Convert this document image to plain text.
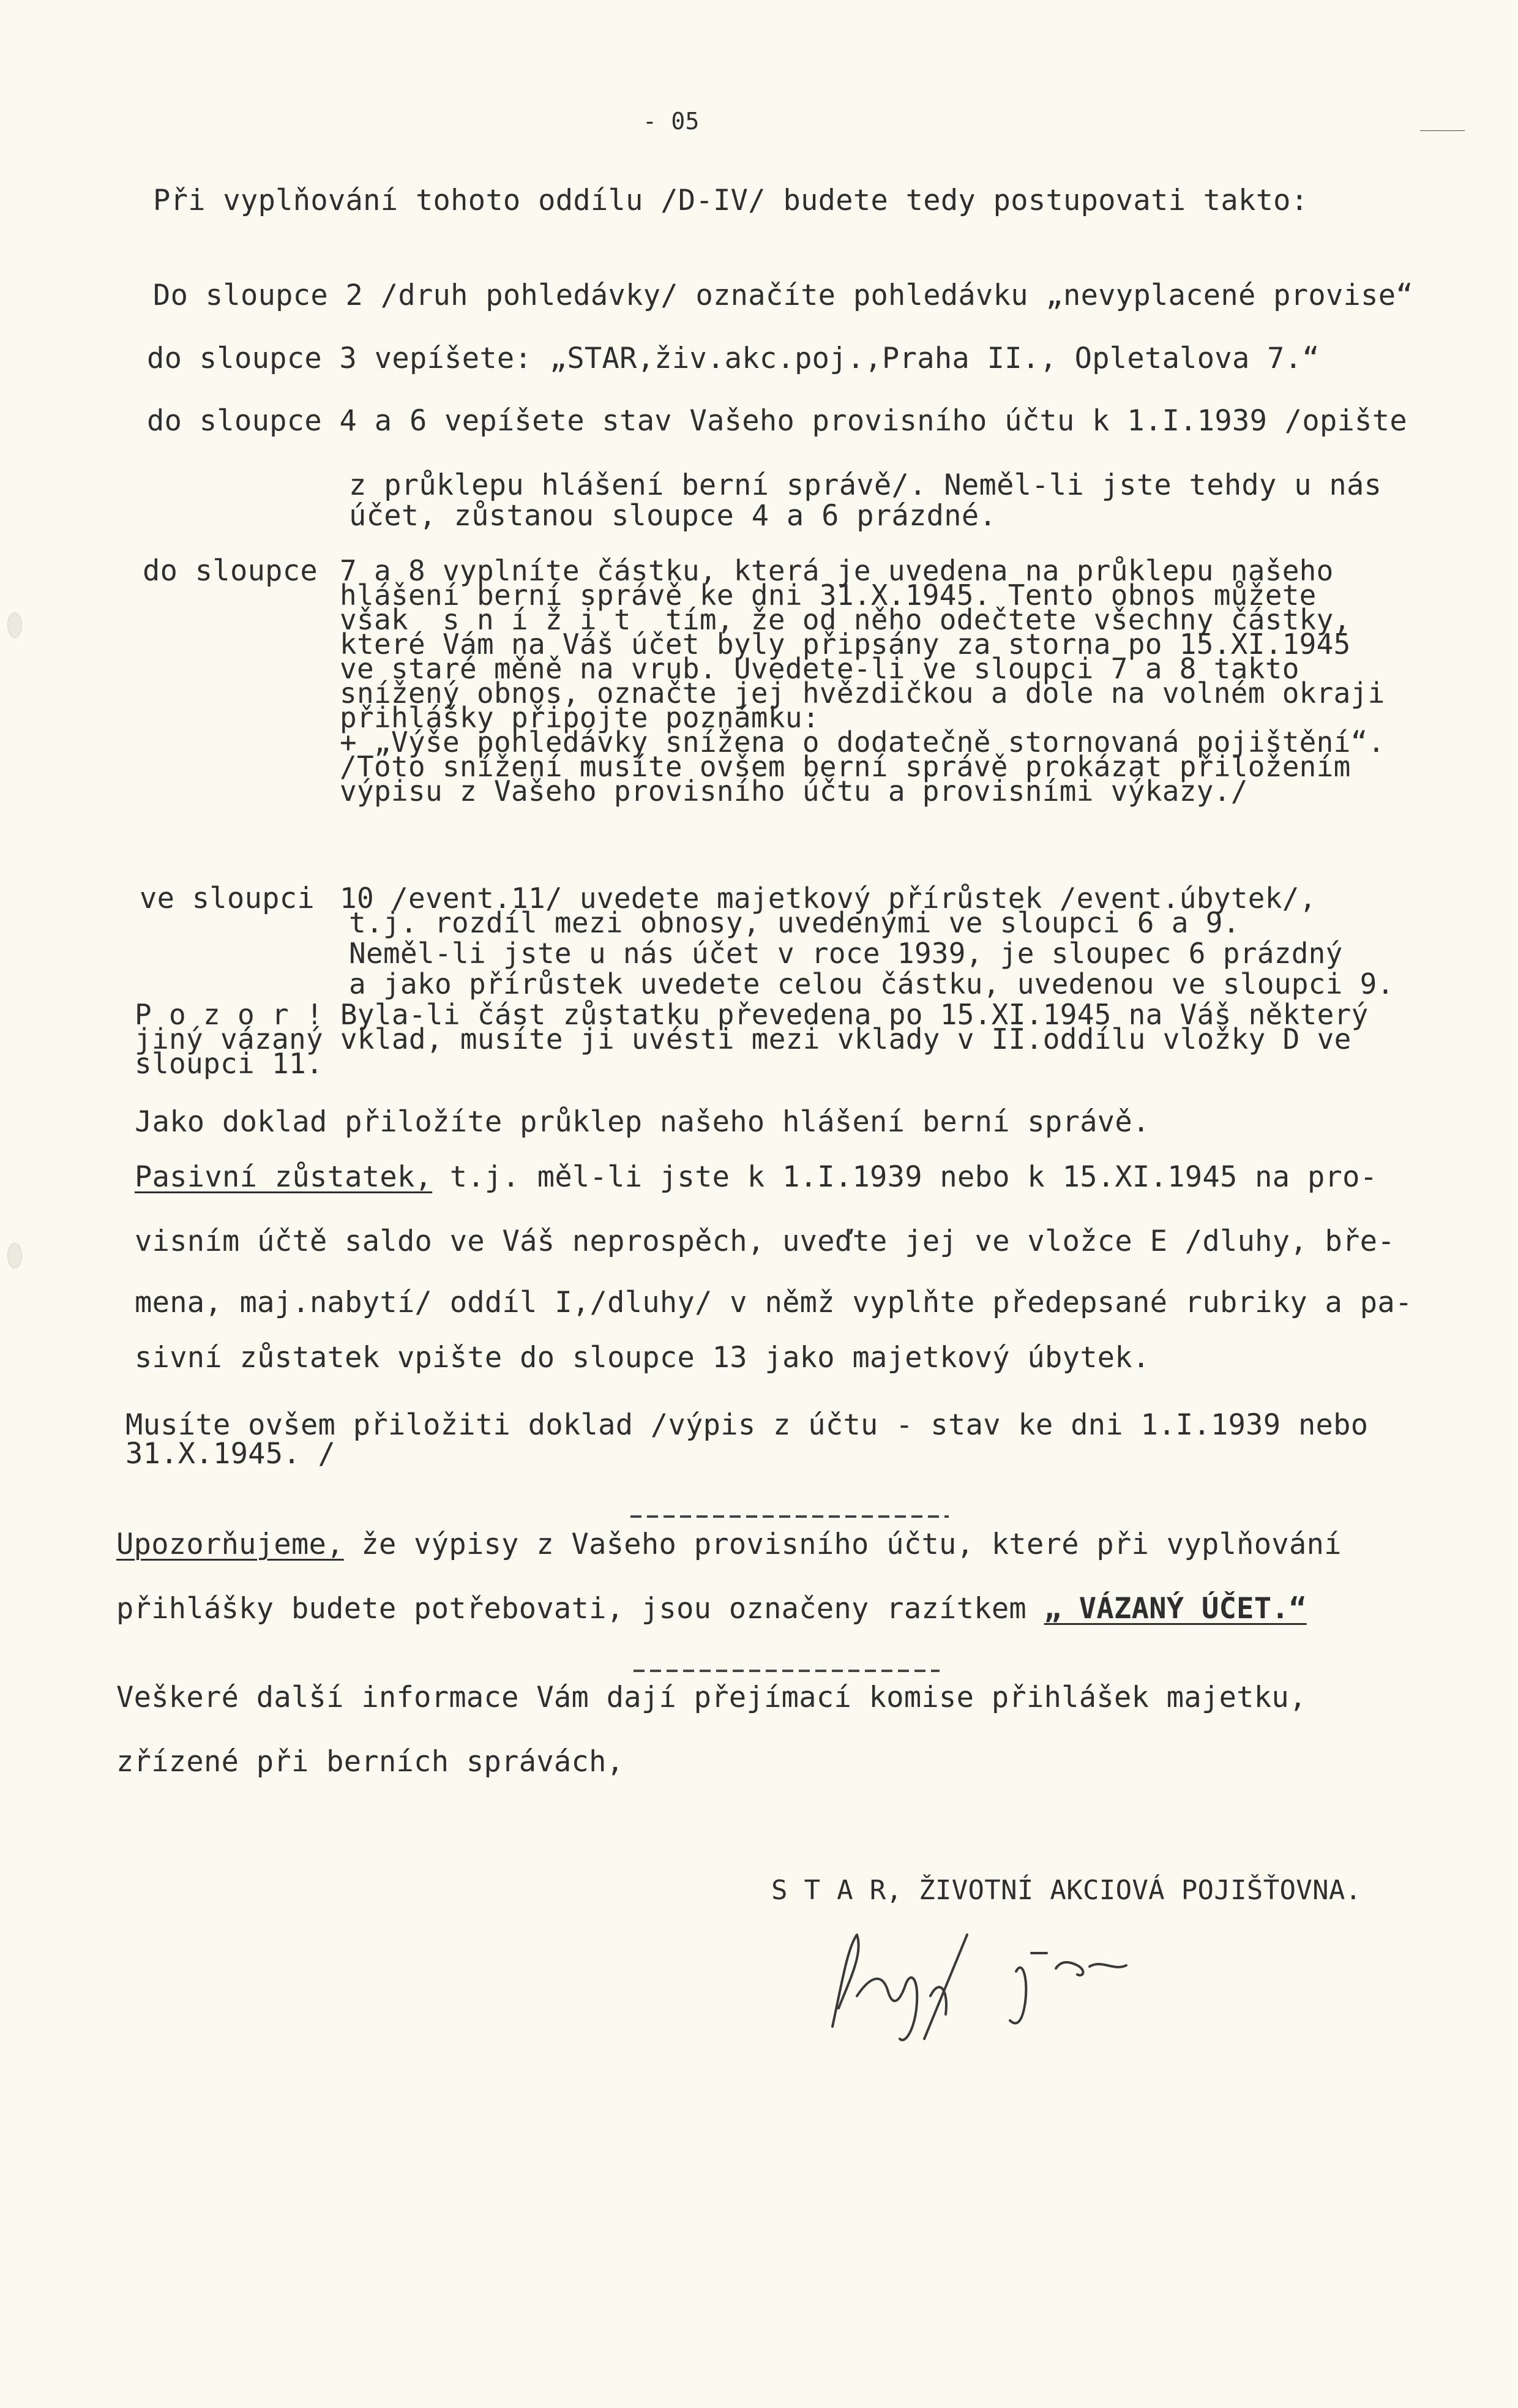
- 05	____
Při vyplňování tohoto oddílu /D-IV/ budete tedy postupovati takto:
Do sloupce 2 /druh pohledávky/ označíte pohledávku „nevyplacené provise“
do sloupce 3 vepíšete: „STAR,živ.akc.poj.,Praha II., Opletalova 7.“
do sloupce 4 a 6 vepíšete stav Vašeho provisního účtu k 1.I.1939 /opište
z průklepu hlášení berní správě/. Neměl-li jste tehdy u nás
účet, zůstanou sloupce 4 a 6 prázdné.
do sloupce 7 a 8 vyplníte částku, která je uvedena na průklepu našeho
hlášení berní správě ke dni 31.X.1945. Tento obnos můžete
však  s n í ž i t  tím, že od něho odečtete všechny částky,
které Vám na Váš účet byly připsány za storna po 15.XI.1945
ve staré měně na vrub. Uvedete-li ve sloupci 7 a 8 takto
snížený obnos, označte jej hvězdičkou a dole na volném okraji
přihlášky připojte poznámku:
+ „Výše pohledávky snížena o dodatečně stornovaná pojištění“.
/Toto snížení musíte ovšem berní správě prokázat přiložením
výpisu z Vašeho provisního účtu a provisními výkazy./
ve sloupci 10 /event.11/ uvedete majetkový přírůstek /event.úbytek/,
t.j. rozdíl mezi obnosy, uvedenými ve sloupci 6 a 9.
Neměl-li jste u nás účet v roce 1939, je sloupec 6 prázdný
a jako přírůstek uvedete celou částku, uvedenou ve sloupci 9.
P o z o r ! Byla-li část zůstatku převedena po 15.XI.1945 na Váš některý
jiný vázaný vklad, musíte ji uvésti mezi vklady v II.oddílu vložky D ve
sloupci 11.
Jako doklad přiložíte průklep našeho hlášení berní správě.
Pasivní zůstatek, t.j. měl-li jste k 1.I.1939 nebo k 15.XI.1945 na pro-
visním účtě saldo ve Váš neprospěch, uveďte jej ve vložce E /dluhy, bře-
mena, maj.nabytí/ oddíl I,/dluhy/ v němž vyplňte předepsané rubriky a pa-
sivní zůstatek vpište do sloupce 13 jako majetkový úbytek.
Musíte ovšem přiložiti doklad /výpis z účtu - stav ke dni 1.I.1939 nebo
31.X.1945. /
Upozorňujeme, že výpisy z Vašeho provisního účtu, které při vyplňování
přihlášky budete potřebovati, jsou označeny razítkem „ VÁZANÝ ÚČET.“
Veškeré další informace Vám dají přejímací komise přihlášek majetku,
zřízené při berních správách,
S T A R, ŽIVOTNÍ AKCIOVÁ POJIŠŤOVNA.
